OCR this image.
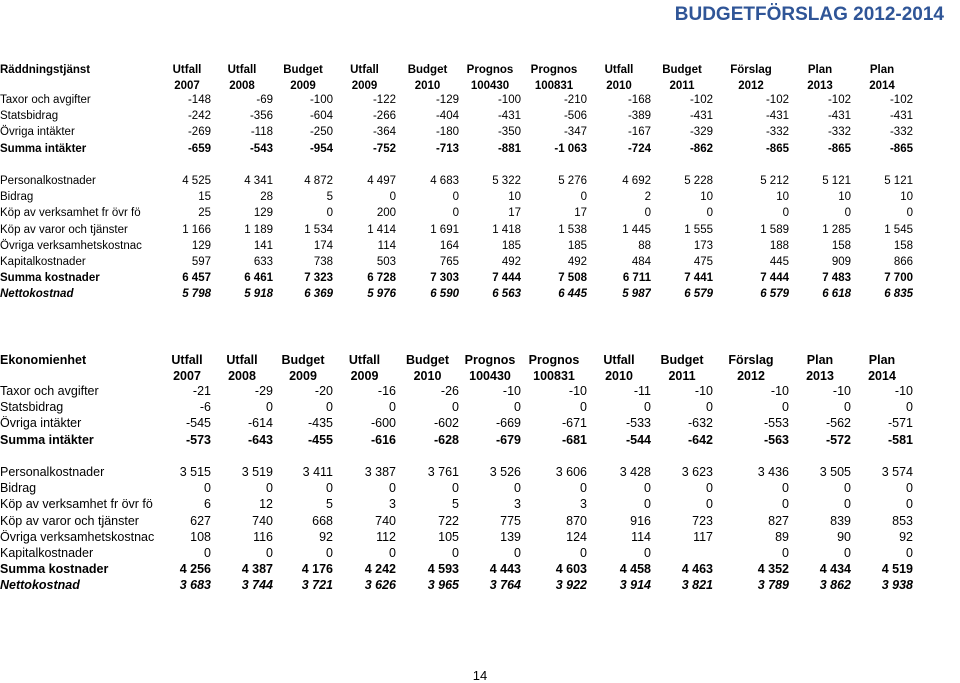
BUDGETFÖRSLAG 2012-2014
Räddningstjänst	Utfall	Utfall	Budget	Utfall	Budget	Prognos	Prognos	Utfall	Budget	Förslag	Plan	Plan
	2007	2008	2009	2009	2010	100430	100831	2010	2011	2012	2013	2014
Taxor och avgifter	-148	-69	-100	-122	-129	-100	-210	-168	-102	-102	-102	-102
Statsbidrag	-242	-356	-604	-266	-404	-431	-506	-389	-431	-431	-431	-431
Övriga intäkter	-269	-118	-250	-364	-180	-350	-347	-167	-329	-332	-332	-332
Summa intäkter	-659	-543	-954	-752	-713	-881	-1 063	-724	-862	-865	-865	-865

Personalkostnader	4 525	4 341	4 872	4 497	4 683	5 322	5 276	4 692	5 228	5 212	5 121	5 121
Bidrag	15	28	5	0	0	10	0	2	10	10	10	10
Köp av verksamhet fr övr fö	25	129	0	200	0	17	17	0	0	0	0	0
Köp av varor och tjänster	1 166	1 189	1 534	1 414	1 691	1 418	1 538	1 445	1 555	1 589	1 285	1 545
Övriga verksamhetskostnac	129	141	174	114	164	185	185	88	173	188	158	158
Kapitalkostnader	597	633	738	503	765	492	492	484	475	445	909	866
Summa kostnader	6 457	6 461	7 323	6 728	7 303	7 444	7 508	6 711	7 441	7 444	7 483	7 700
Nettokostnad	5 798	5 918	6 369	5 976	6 590	6 563	6 445	5 987	6 579	6 579	6 618	6 835
Ekonomienhet	Utfall	Utfall	Budget	Utfall	Budget	Prognos	Prognos	Utfall	Budget	Förslag	Plan	Plan
	2007	2008	2009	2009	2010	100430	100831	2010	2011	2012	2013	2014
Taxor och avgifter	-21	-29	-20	-16	-26	-10	-10	-11	-10	-10	-10	-10
Statsbidrag	-6	0	0	0	0	0	0	0	0	0	0	0
Övriga intäkter	-545	-614	-435	-600	-602	-669	-671	-533	-632	-553	-562	-571
Summa intäkter	-573	-643	-455	-616	-628	-679	-681	-544	-642	-563	-572	-581

Personalkostnader	3 515	3 519	3 411	3 387	3 761	3 526	3 606	3 428	3 623	3 436	3 505	3 574
Bidrag	0	0	0	0	0	0	0	0	0	0	0	0
Köp av verksamhet fr övr fö	6	12	5	3	5	3	3	0	0	0	0	0
Köp av varor och tjänster	627	740	668	740	722	775	870	916	723	827	839	853
Övriga verksamhetskostnac	108	116	92	112	105	139	124	114	117	89	90	92
Kapitalkostnader	0	0	0	0	0	0	0	0		0	0	0
Summa kostnader	4 256	4 387	4 176	4 242	4 593	4 443	4 603	4 458	4 463	4 352	4 434	4 519
Nettokostnad	3 683	3 744	3 721	3 626	3 965	3 764	3 922	3 914	3 821	3 789	3 862	3 938
14
